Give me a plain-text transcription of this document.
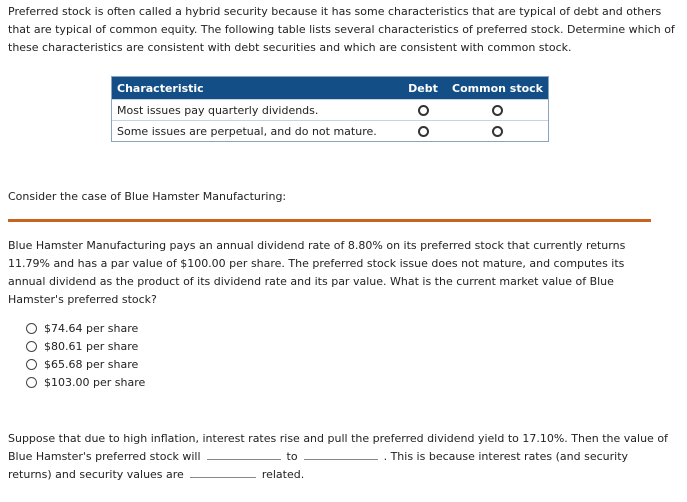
Preferred stock is often called a hybrid security because it has some characteristics that are typical of debt and others that are typical of common equity. The following table lists several characteristics of preferred stock. Determine which of these characteristics are consistent with debt securities and which are consistent with common stock.

Characteristic	Debt	Common stock
Most issues pay quarterly dividends.		
Some issues are perpetual, and do not mature.		

Consider the case of Blue Hamster Manufacturing:

Blue Hamster Manufacturing pays an annual dividend rate of 8.80% on its preferred stock that currently returns 11.79% and has a par value of $100.00 per share. The preferred stock issue does not mature, and computes its annual dividend as the product of its dividend rate and its par value. What is the current market value of Blue Hamster's preferred stock?

$74.64 per share
$80.61 per share
$65.68 per share
$103.00 per share

Suppose that due to high inflation, interest rates rise and pull the preferred dividend yield to 17.10%. Then the value of Blue Hamster's preferred stock will	to	. This is because interest rates (and security returns) and security values are	related.
